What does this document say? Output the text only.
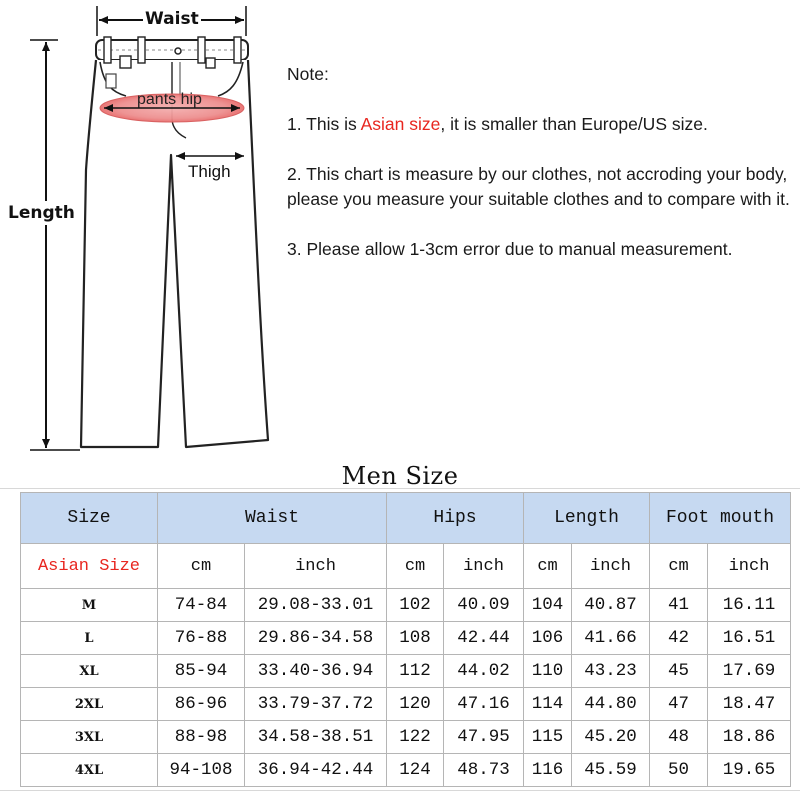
Waist
Length
Thigh
pants hip

Note:

1. This is Asian size, it is smaller than Europe/US size.

2. This chart is measure by our clothes, not accroding your body,

please you measure your suitable clothes and to compare with it.

3. Please allow 1-3cm error due to manual measurement.

Men Size
Size	Waist		Hips		Length		Foot mouth	
Asian Size	cm	inch	cm	inch	cm	inch	cm	inch
M	74-84	29.08-33.01	102	40.09	104	40.87	41	16.11
L	76-88	29.86-34.58	108	42.44	106	41.66	42	16.51
XL	85-94	33.40-36.94	112	44.02	110	43.23	45	17.69
2XL	86-96	33.79-37.72	120	47.16	114	44.80	47	18.47
3XL	88-98	34.58-38.51	122	47.95	115	45.20	48	18.86
4XL	94-108	36.94-42.44	124	48.73	116	45.59	50	19.65
